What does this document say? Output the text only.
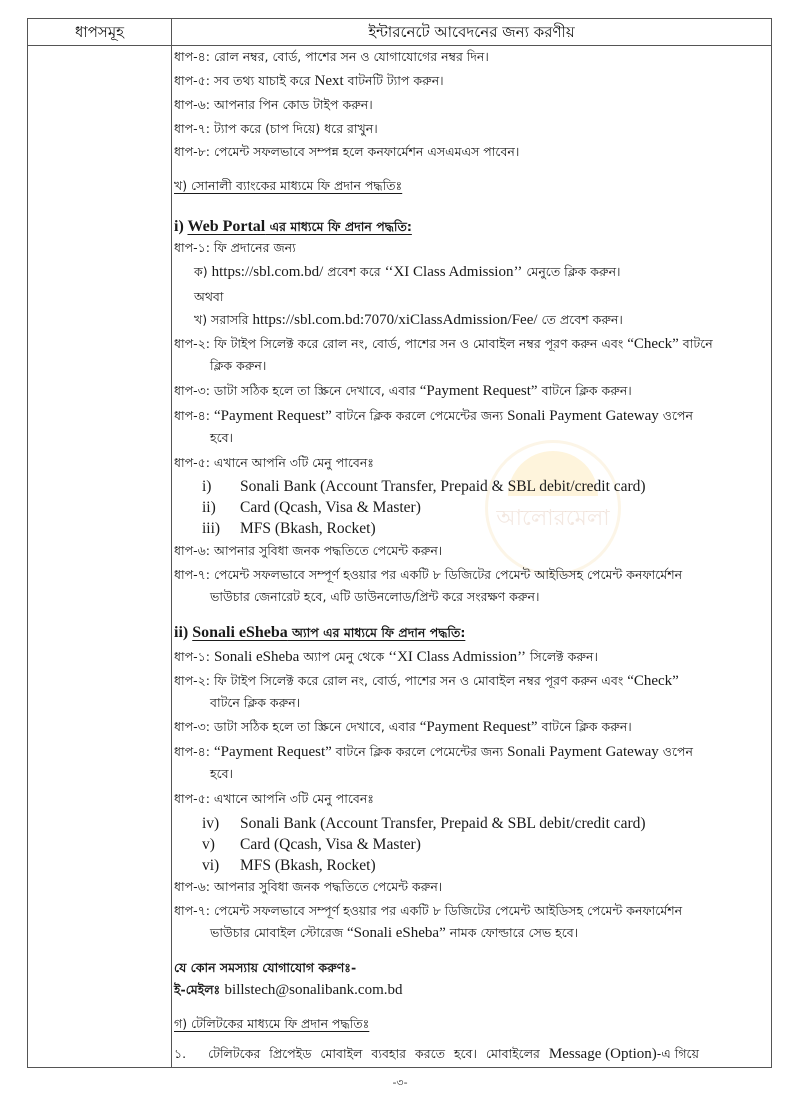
ধাপসমূহ	ইন্টারনেটে আবেদনের জন্য করণীয়
আলোরমেলা
ধাপ-৪: রোল নম্বর, বোর্ড, পাশের সন ও যোগাযোগের নম্বর দিন।
ধাপ-৫: সব তথ্য যাচাই করে Next বাটনটি ট্যাপ করুন।
ধাপ-৬: আপনার পিন কোড টাইপ করুন।
ধাপ-৭: ট্যাপ করে (চাপ দিয়ে) ধরে রাখুন।
ধাপ-৮: পেমেন্ট সফলভাবে সম্পন্ন হলে কনফার্মেশন এসএমএস পাবেন।
খ) সোনালী ব্যাংকের মাধ্যমে ফি প্রদান পদ্ধতিঃ
i) Web Portal এর মাধ্যমে ফি প্রদান পদ্ধতি:
ধাপ-১: ফি প্রদানের জন্য
ক) https://sbl.com.bd/ প্রবেশ করে ‘‘XI Class Admission’’ মেনুতে ক্লিক করুন।
অথবা
খ) সরাসরি https://sbl.com.bd:7070/xiClassAdmission/Fee/ তে প্রবেশ করুন।
ধাপ-২: ফি টাইপ সিলেক্ট করে রোল নং, বোর্ড, পাশের সন ও মোবাইল নম্বর পূরণ করুন এবং “Check” বাটনে
ক্লিক করুন।
ধাপ-৩: ডাটা সঠিক হলে তা স্ক্রিনে দেখাবে, এবার “Payment Request” বাটনে ক্লিক করুন।
ধাপ-৪: “Payment Request” বাটনে ক্লিক করলে পেমেন্টের জন্য Sonali Payment Gateway ওপেন
হবে।
ধাপ-৫: এখানে আপনি ৩টি মেনু পাবেনঃ
i) Sonali Bank (Account Transfer, Prepaid & SBL debit/credit card)
ii) Card (Qcash, Visa & Master)
iii) MFS (Bkash, Rocket)
ধাপ-৬: আপনার সুবিধা জনক পদ্ধতিতে পেমেন্ট করুন।
ধাপ-৭: পেমেন্ট সফলভাবে সম্পূর্ণ হওয়ার পর একটি ৮ ডিজিটের পেমেন্ট আইডিসহ পেমেন্ট কনফার্মেশন
ভাউচার জেনারেট হবে, এটি ডাউনলোড/প্রিন্ট করে সংরক্ষণ করুন।
ii) Sonali eSheba অ্যাপ এর মাধ্যমে ফি প্রদান পদ্ধতি:
ধাপ-১: Sonali eSheba অ্যাপ মেনু থেকে ‘‘XI Class Admission’’ সিলেক্ট করুন।
ধাপ-২: ফি টাইপ সিলেক্ট করে রোল নং, বোর্ড, পাশের সন ও মোবাইল নম্বর পূরণ করুন এবং “Check”
বাটনে ক্লিক করুন।
ধাপ-৩: ডাটা সঠিক হলে তা স্ক্রিনে দেখাবে, এবার “Payment Request” বাটনে ক্লিক করুন।
ধাপ-৪: “Payment Request” বাটনে ক্লিক করলে পেমেন্টের জন্য Sonali Payment Gateway ওপেন
হবে।
ধাপ-৫: এখানে আপনি ৩টি মেনু পাবেনঃ
iv) Sonali Bank (Account Transfer, Prepaid & SBL debit/credit card)
v) Card (Qcash, Visa & Master)
vi) MFS (Bkash, Rocket)
ধাপ-৬: আপনার সুবিধা জনক পদ্ধতিতে পেমেন্ট করুন।
ধাপ-৭: পেমেন্ট সফলভাবে সম্পূর্ণ হওয়ার পর একটি ৮ ডিজিটের পেমেন্ট আইডিসহ পেমেন্ট কনফার্মেশন
ভাউচার মোবাইল স্টোরেজ “Sonali eSheba” নামক ফোল্ডারে সেভ হবে।
যে কোন সমস্যায় যোগাযোগ করুণঃ-
ই-মেইলঃ billstech@sonalibank.com.bd
গ) টেলিটকের মাধ্যমে ফি প্রদান পদ্ধতিঃ
১. টেলিটকের প্রিপেইড মোবাইল ব্যবহার করতে হবে। মোবাইলের Message (Option)-এ গিয়ে
-৩-
